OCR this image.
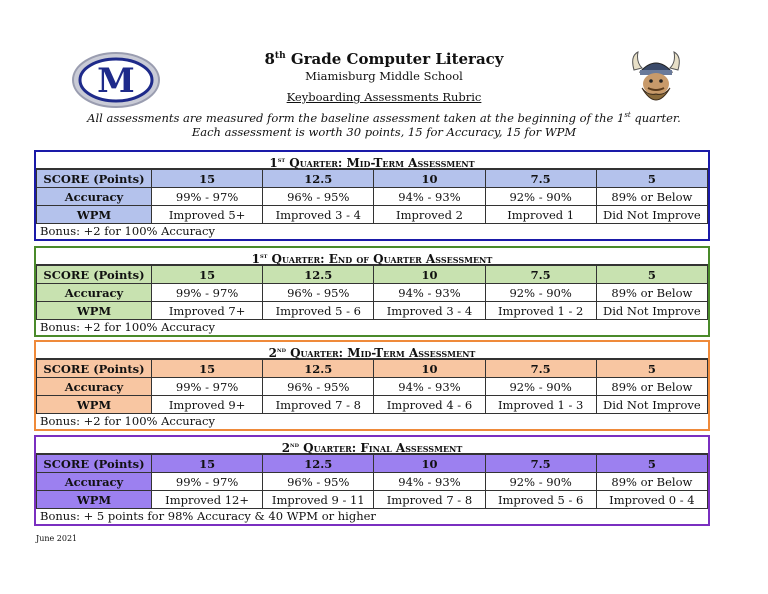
M
8th Grade Computer Literacy
Miamisburg Middle School
Keyboarding Assessments Rubric
All assessments are measured form the baseline assessment taken at the beginning of the 1st quarter.
Each assessment is worth 30 points, 15 for Accuracy, 15 for WPM
1st Quarter: Mid-Term Assessment
SCORE (Points)	15	12.5	10	7.5	5
Accuracy	99% - 97%	96% - 95%	94% - 93%	92% - 90%	89% or Below
WPM	Improved 5+	Improved 3 - 4	Improved 2	Improved 1	Did Not Improve
Bonus: +2 for 100% Accuracy
1st Quarter: End of Quarter Assessment
SCORE (Points)	15	12.5	10	7.5	5
Accuracy	99% - 97%	96% - 95%	94% - 93%	92% - 90%	89% or Below
WPM	Improved 7+	Improved 5 - 6	Improved 3 - 4	Improved 1 - 2	Did Not Improve
Bonus: +2 for 100% Accuracy
2nd Quarter: Mid-Term Assessment
SCORE (Points)	15	12.5	10	7.5	5
Accuracy	99% - 97%	96% - 95%	94% - 93%	92% - 90%	89% or Below
WPM	Improved 9+	Improved 7 - 8	Improved 4 - 6	Improved 1 - 3	Did Not Improve
Bonus: +2 for 100% Accuracy
2nd Quarter: Final Assessment
SCORE (Points)	15	12.5	10	7.5	5
Accuracy	99% - 97%	96% - 95%	94% - 93%	92% - 90%	89% or Below
WPM	Improved 12+	Improved 9 - 11	Improved 7 - 8	Improved 5 - 6	Improved 0 - 4
Bonus: + 5 points for 98% Accuracy & 40 WPM or higher
June 2021
